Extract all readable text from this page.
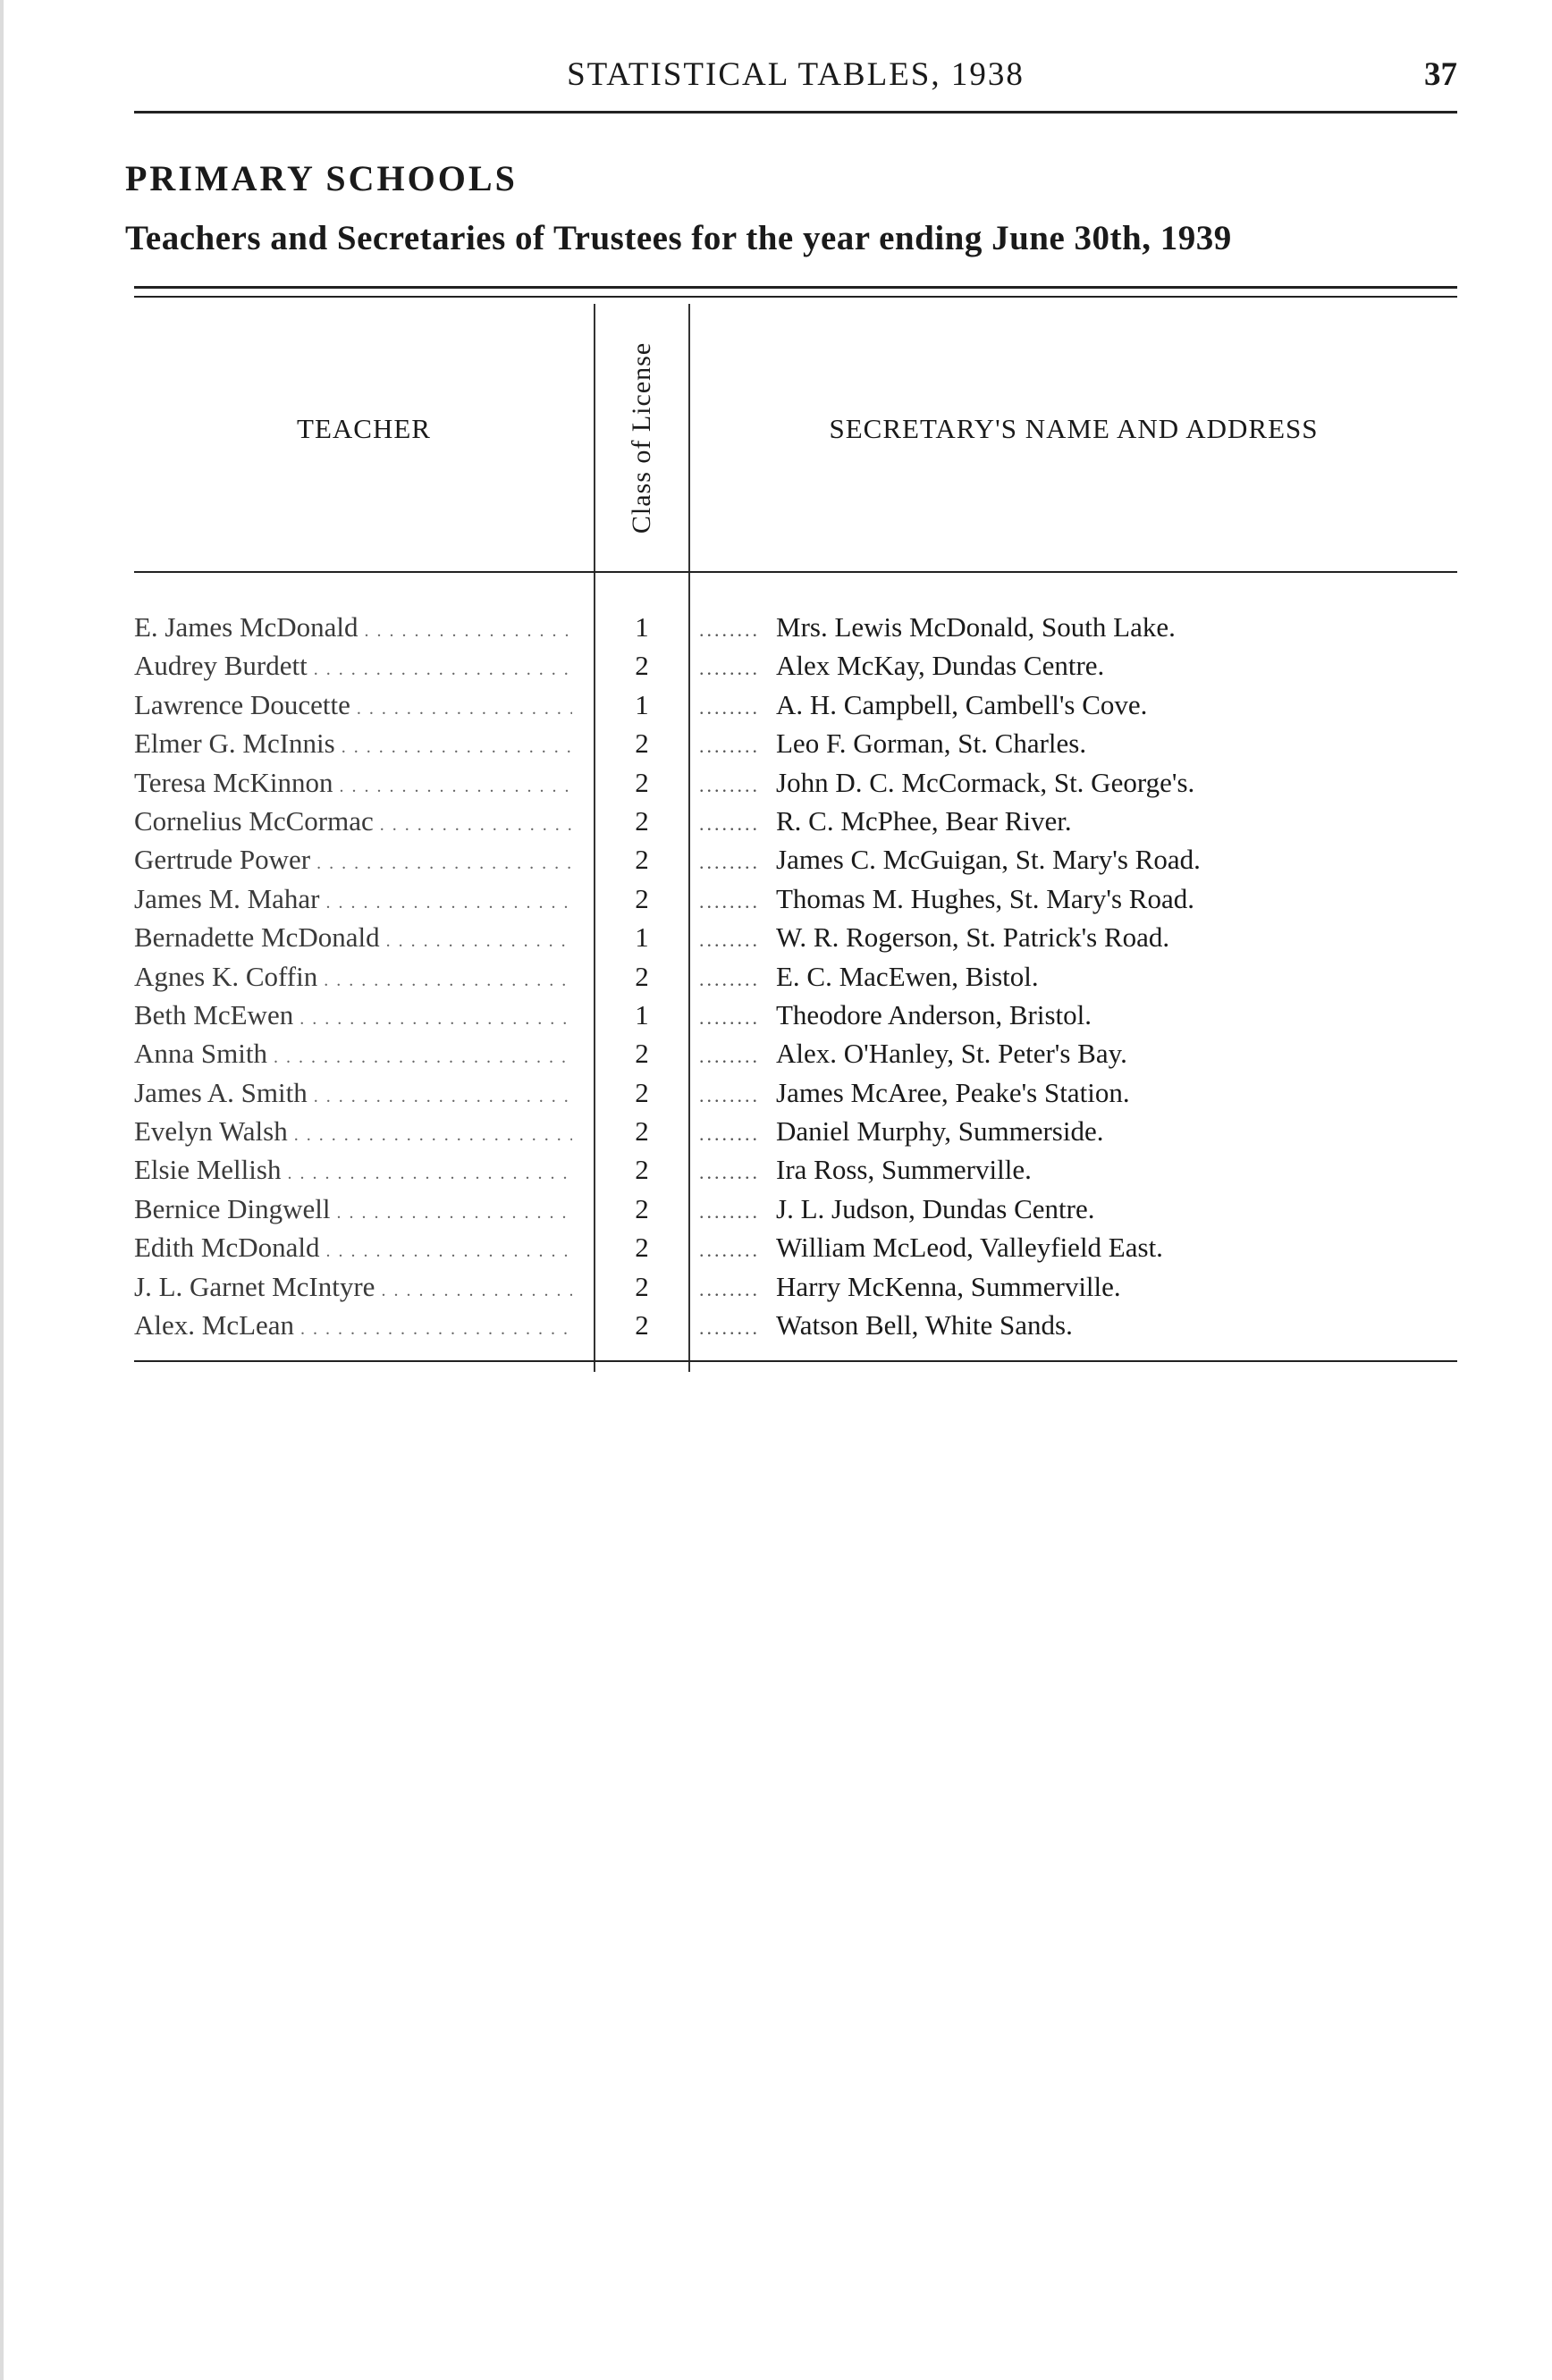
STATISTICAL TABLES, 1938	37
PRIMARY SCHOOLS
Teachers and Secretaries of Trustees for the year ending June 30th, 1939
TEACHER	Class of License	SECRETARY'S NAME AND ADDRESS
E. James McDonald . . .	1	........ Mrs. Lewis McDonald, South Lake.
Audrey Burdett . . .	2	........ Alex McKay, Dundas Centre.
Lawrence Doucette . . .	1	........ A. H. Campbell, Cambell's Cove.
Elmer G. McInnis . . .	2	........ Leo F. Gorman, St. Charles.
Teresa McKinnon . . .	2	........ John D. C. McCormack, St. George's.
Cornelius McCormac . . .	2	........ R. C. McPhee, Bear River.
Gertrude Power . . .	2	........ James C. McGuigan, St. Mary's Road.
James M. Mahar . . .	2	........ Thomas M. Hughes, St. Mary's Road.
Bernadette McDonald . . .	1	........ W. R. Rogerson, St. Patrick's Road.
Agnes K. Coffin . . .	2	........ E. C. MacEwen, Bistol.
Beth McEwen . . .	1	........ Theodore Anderson, Bristol.
Anna Smith . . .	2	........ Alex. O'Hanley, St. Peter's Bay.
James A. Smith . . .	2	........ James McAree, Peake's Station.
Evelyn Walsh . . .	2	........ Daniel Murphy, Summerside.
Elsie Mellish . . .	2	........ Ira Ross, Summerville.
Bernice Dingwell . . .	2	........ J. L. Judson, Dundas Centre.
Edith McDonald . . .	2	........ William McLeod, Valleyfield East.
J. L. Garnet McIntyre . . .	2	........ Harry McKenna, Summerville.
Alex. McLean . . .	2	........ Watson Bell, White Sands.
